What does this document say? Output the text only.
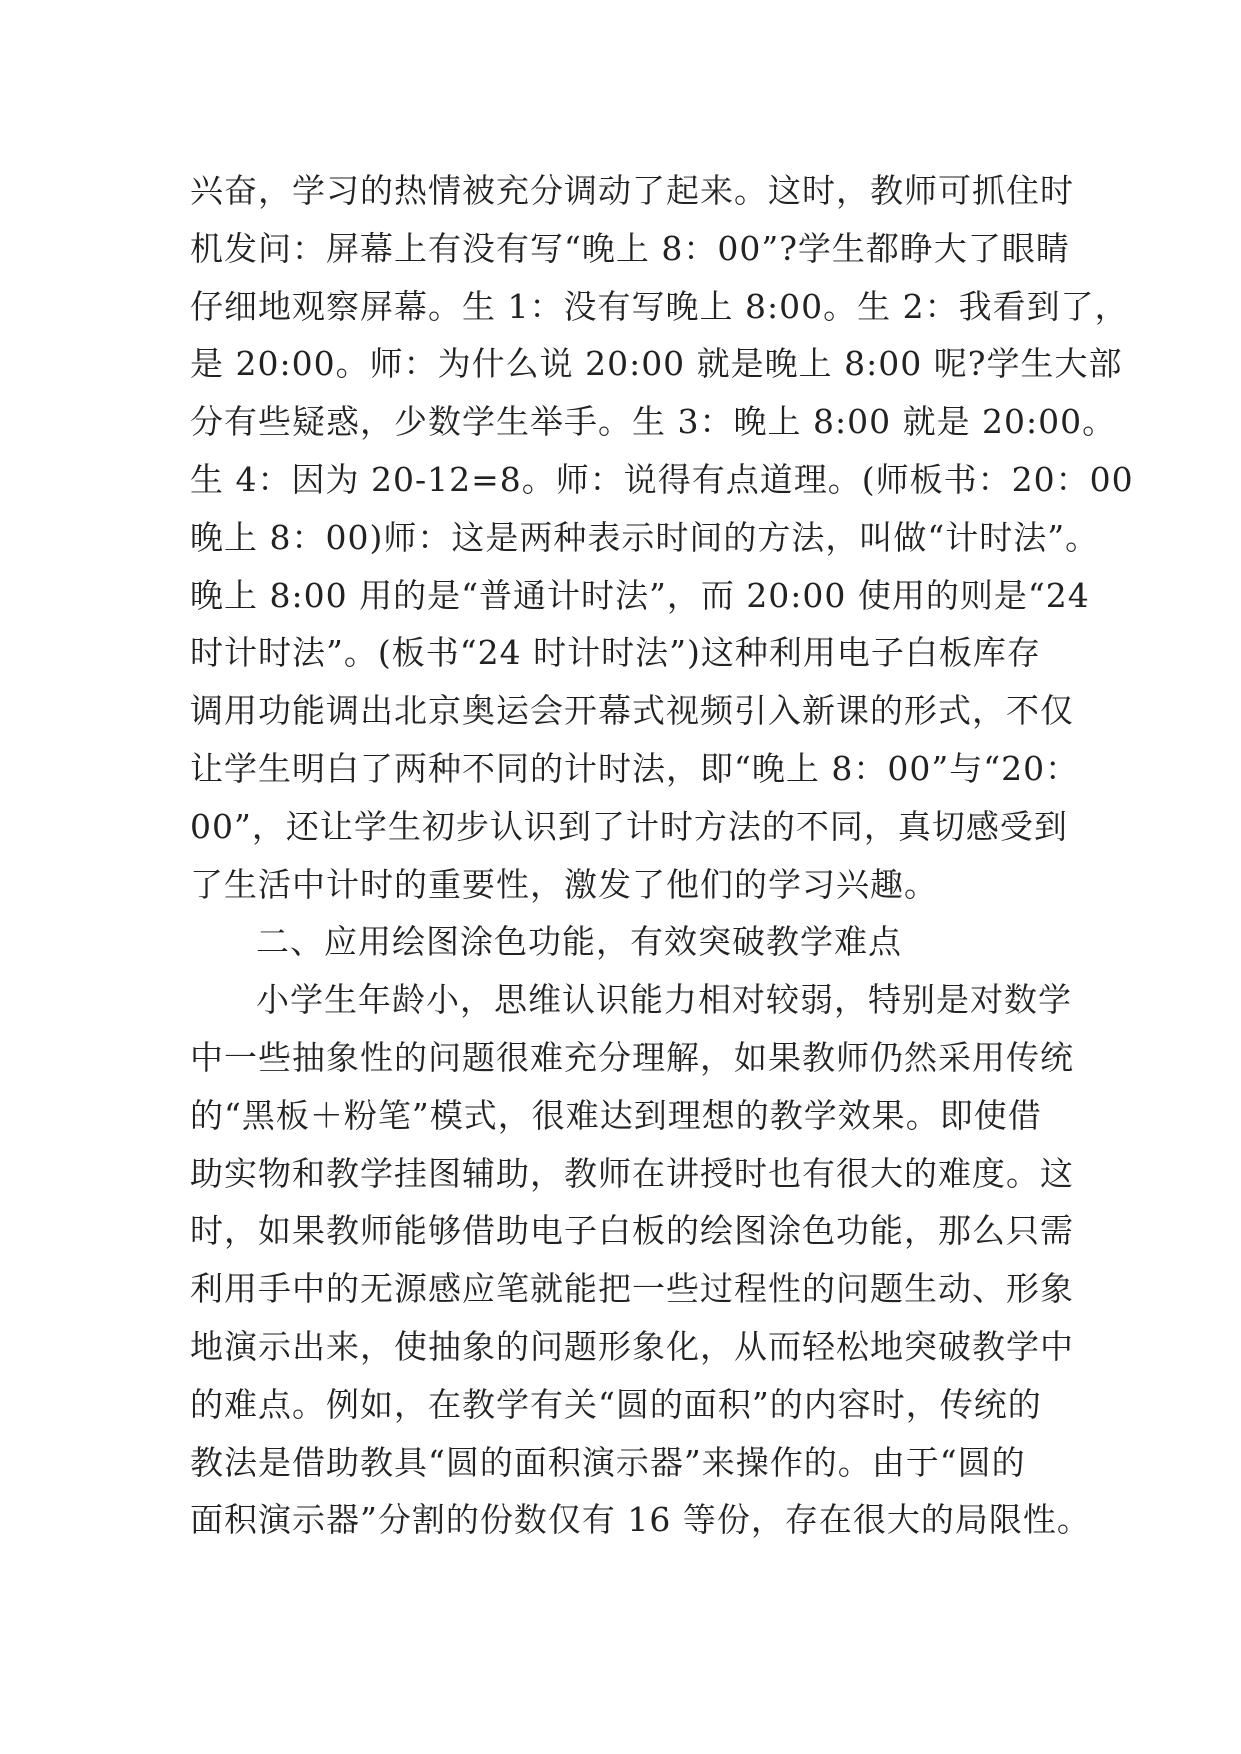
兴奋，学习的热情被充分调动了起来。这时，教师可抓住时
机发问：屏幕上有没有写“晚上 8：00”?学生都睁大了眼睛
仔细地观察屏幕。生 1：没有写晚上 8:00。生 2：我看到了，
是 20:00。师：为什么说 20:00 就是晚上 8:00 呢?学生大部
分有些疑惑，少数学生举手。生 3：晚上 8:00 就是 20:00。
生 4：因为 20-12=8。师：说得有点道理。(师板书：20：00
晚上 8：00)师：这是两种表示时间的方法，叫做“计时法”。
晚上 8:00 用的是“普通计时法”，而 20:00 使用的则是“24
时计时法”。(板书“24 时计时法”)这种利用电子白板库存
调用功能调出北京奥运会开幕式视频引入新课的形式，不仅
让学生明白了两种不同的计时法，即“晚上 8：00”与“20：
00”，还让学生初步认识到了计时方法的不同，真切感受到
了生活中计时的重要性，激发了他们的学习兴趣。
二、应用绘图涂色功能，有效突破教学难点
小学生年龄小，思维认识能力相对较弱，特别是对数学
中一些抽象性的问题很难充分理解，如果教师仍然采用传统
的“黑板＋粉笔”模式，很难达到理想的教学效果。即使借
助实物和教学挂图辅助，教师在讲授时也有很大的难度。这
时，如果教师能够借助电子白板的绘图涂色功能，那么只需
利用手中的无源感应笔就能把一些过程性的问题生动、形象
地演示出来，使抽象的问题形象化，从而轻松地突破教学中
的难点。例如，在教学有关“圆的面积”的内容时，传统的
教法是借助教具“圆的面积演示器”来操作的。由于“圆的
面积演示器”分割的份数仅有 16 等份，存在很大的局限性。
